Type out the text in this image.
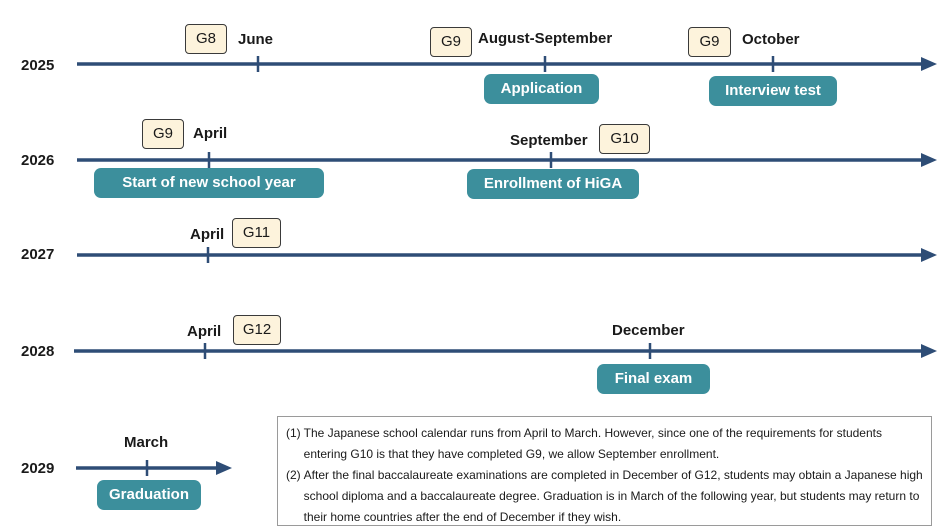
2025
2026
2027
2028
2029
G8	June	G9	August-September
Application
G9	October
Interview test
G9	April
Start of new school year
September	G10
Enrollment of HiGA
April	G11
April	G12	December
Final exam
March
Graduation
(1) The Japanese school calendar runs from April to March. However, since one of the requirements for students entering G10 is that they have completed G9, we allow September enrollment.
(2) After the final baccalaureate examinations are completed in December of G12, students may obtain a Japanese high school diploma and a baccalaureate degree. Graduation is in March of the following year, but students may return to their home countries after the end of December if they wish.
